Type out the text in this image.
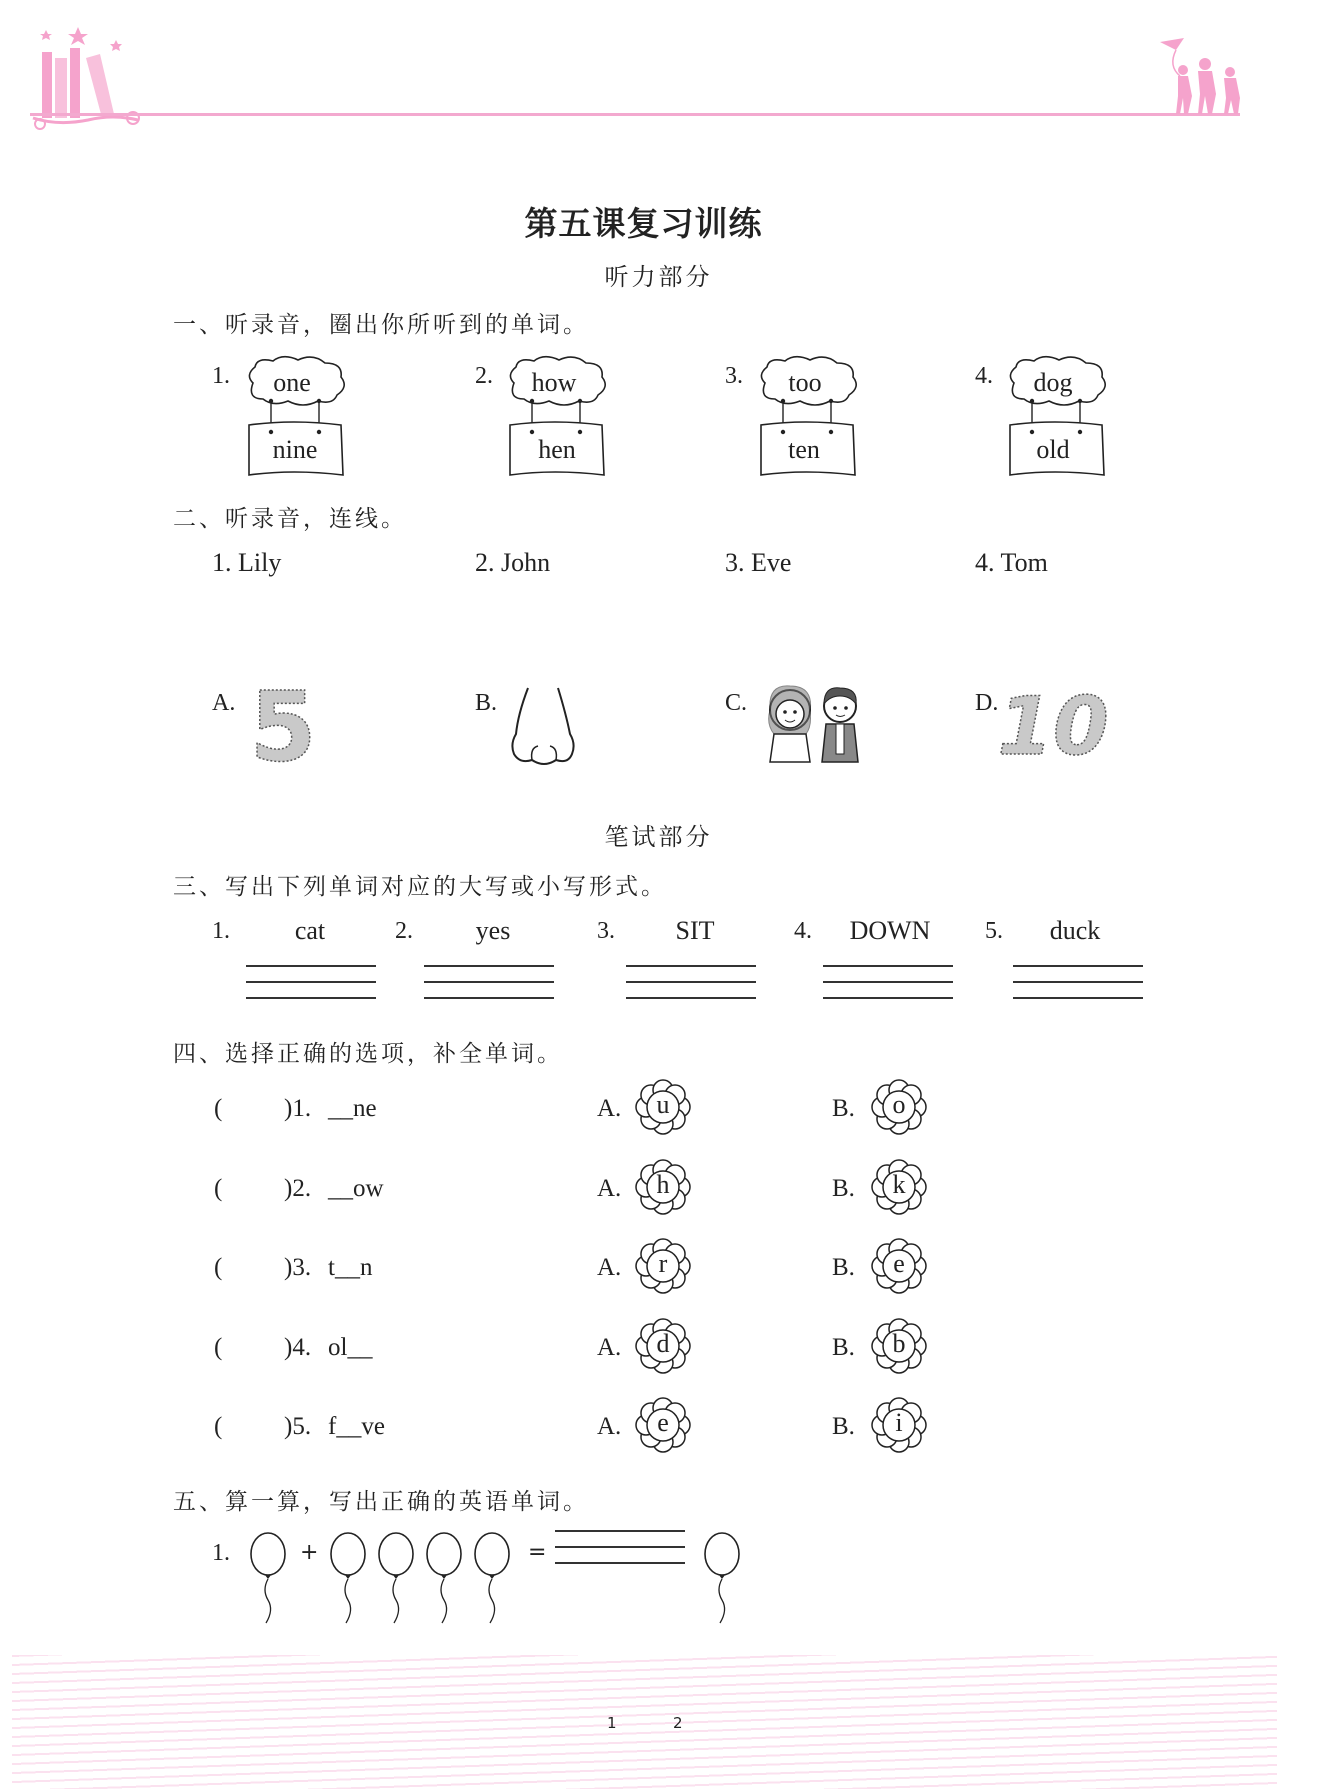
第五课复习训练
听力部分
一、听录音，圈出你所听到的单词。
1.	one
nine
2.	how
hen
3.	too
ten
4.	dog
old
二、听录音，连线。
1. Lily	2. John	3. Eve	4. Tom
A. 5	B.	C.	D.
10
笔试部分
三、写出下列单词对应的大写或小写形式。
1.	cat	2.	yes	3.	SIT	4.	DOWN	5.	duck
四、选择正确的选项，补全单词。
( )1. __ne	A.	u	B.	o
( )2. __ow	A.	h	B.	k
( )3. t__n	A.	r	B.	e
( )4. ol__	A.	d	B.	b
( )5. f__ve	A.	e	B.	i
五、算一算，写出正确的英语单词。
1.	+	=
1	2
